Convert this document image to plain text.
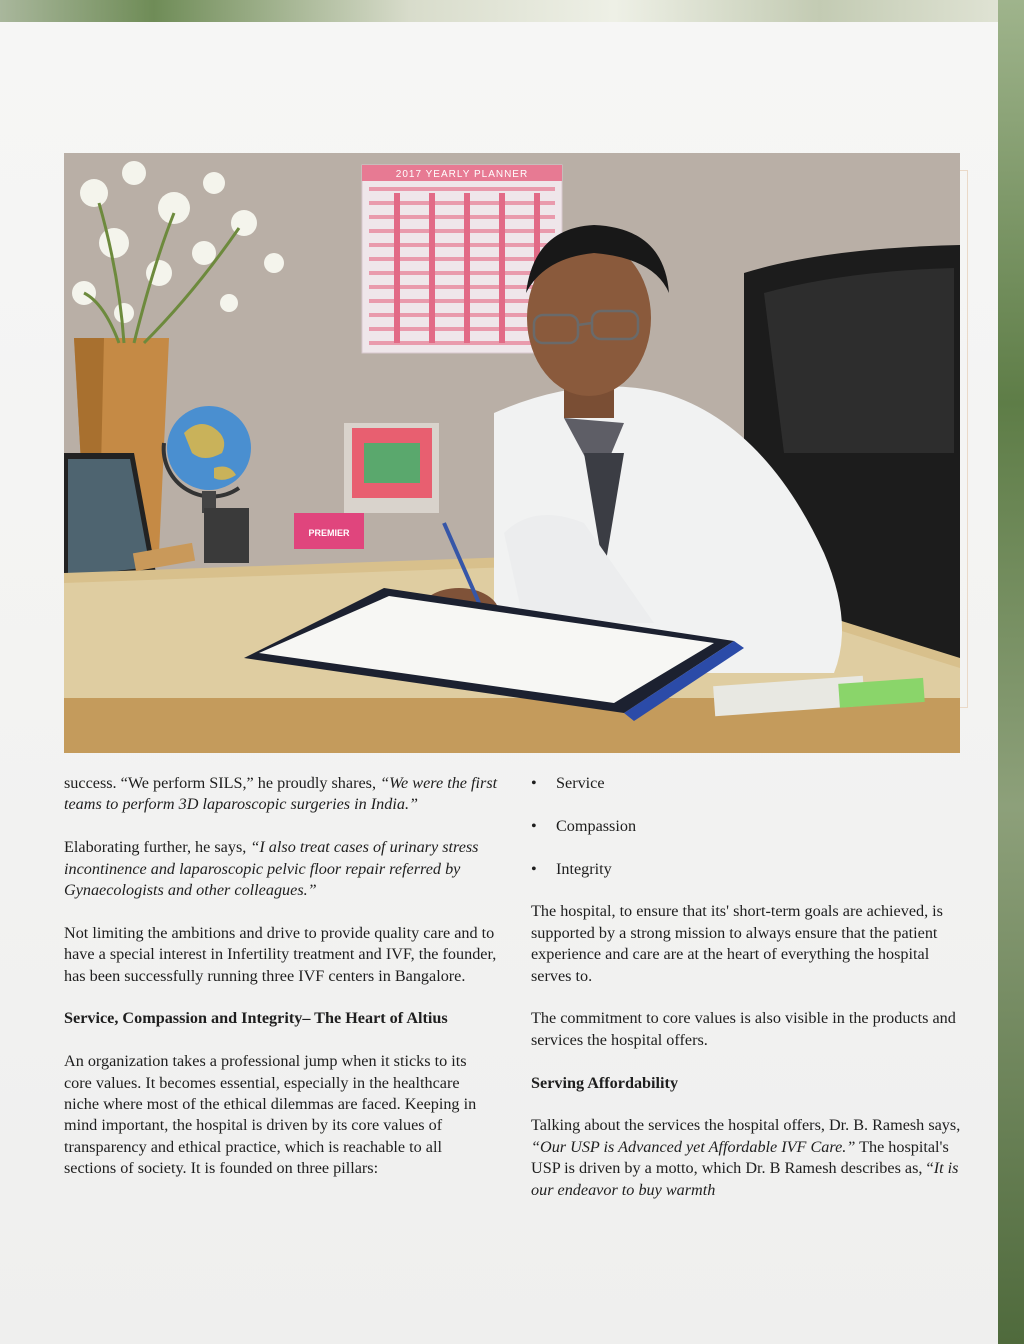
2017 YEARLY PLANNER
PREMIER

success. “We perform SILS,” he proudly shares, “We were the first teams to perform 3D laparoscopic surgeries in India.”

Elaborating further, he says, “I also treat cases of urinary stress incontinence and laparoscopic pelvic floor repair referred by Gynaecologists and other colleagues.”

Not limiting the ambitions and drive to provide quality care and to have a special interest in Infertility treatment and IVF, the founder, has been successfully running three IVF centers in Bangalore.

Service, Compassion and Integrity– The Heart of Altius

An organization takes a professional jump when it sticks to its core values. It becomes essential, especially in the healthcare niche where most of the ethical dilemmas are faced. Keeping in mind important, the hospital is driven by its core values of transparency and ethical practice, which is reachable to all sections of society. It is founded on three pillars:

• Service
• Compassion
• Integrity

The hospital, to ensure that its' short-term goals are achieved, is supported by a strong mission to always ensure that the patient experience and care are at the heart of everything the hospital serves to.

The commitment to core values is also visible in the products and services the hospital offers.

Serving Affordability

Talking about the services the hospital offers, Dr. B. Ramesh says, “Our USP is Advanced yet Affordable IVF Care.” The hospital's USP is driven by a motto, which Dr. B Ramesh describes as, “It is our endeavor to buy warmth
